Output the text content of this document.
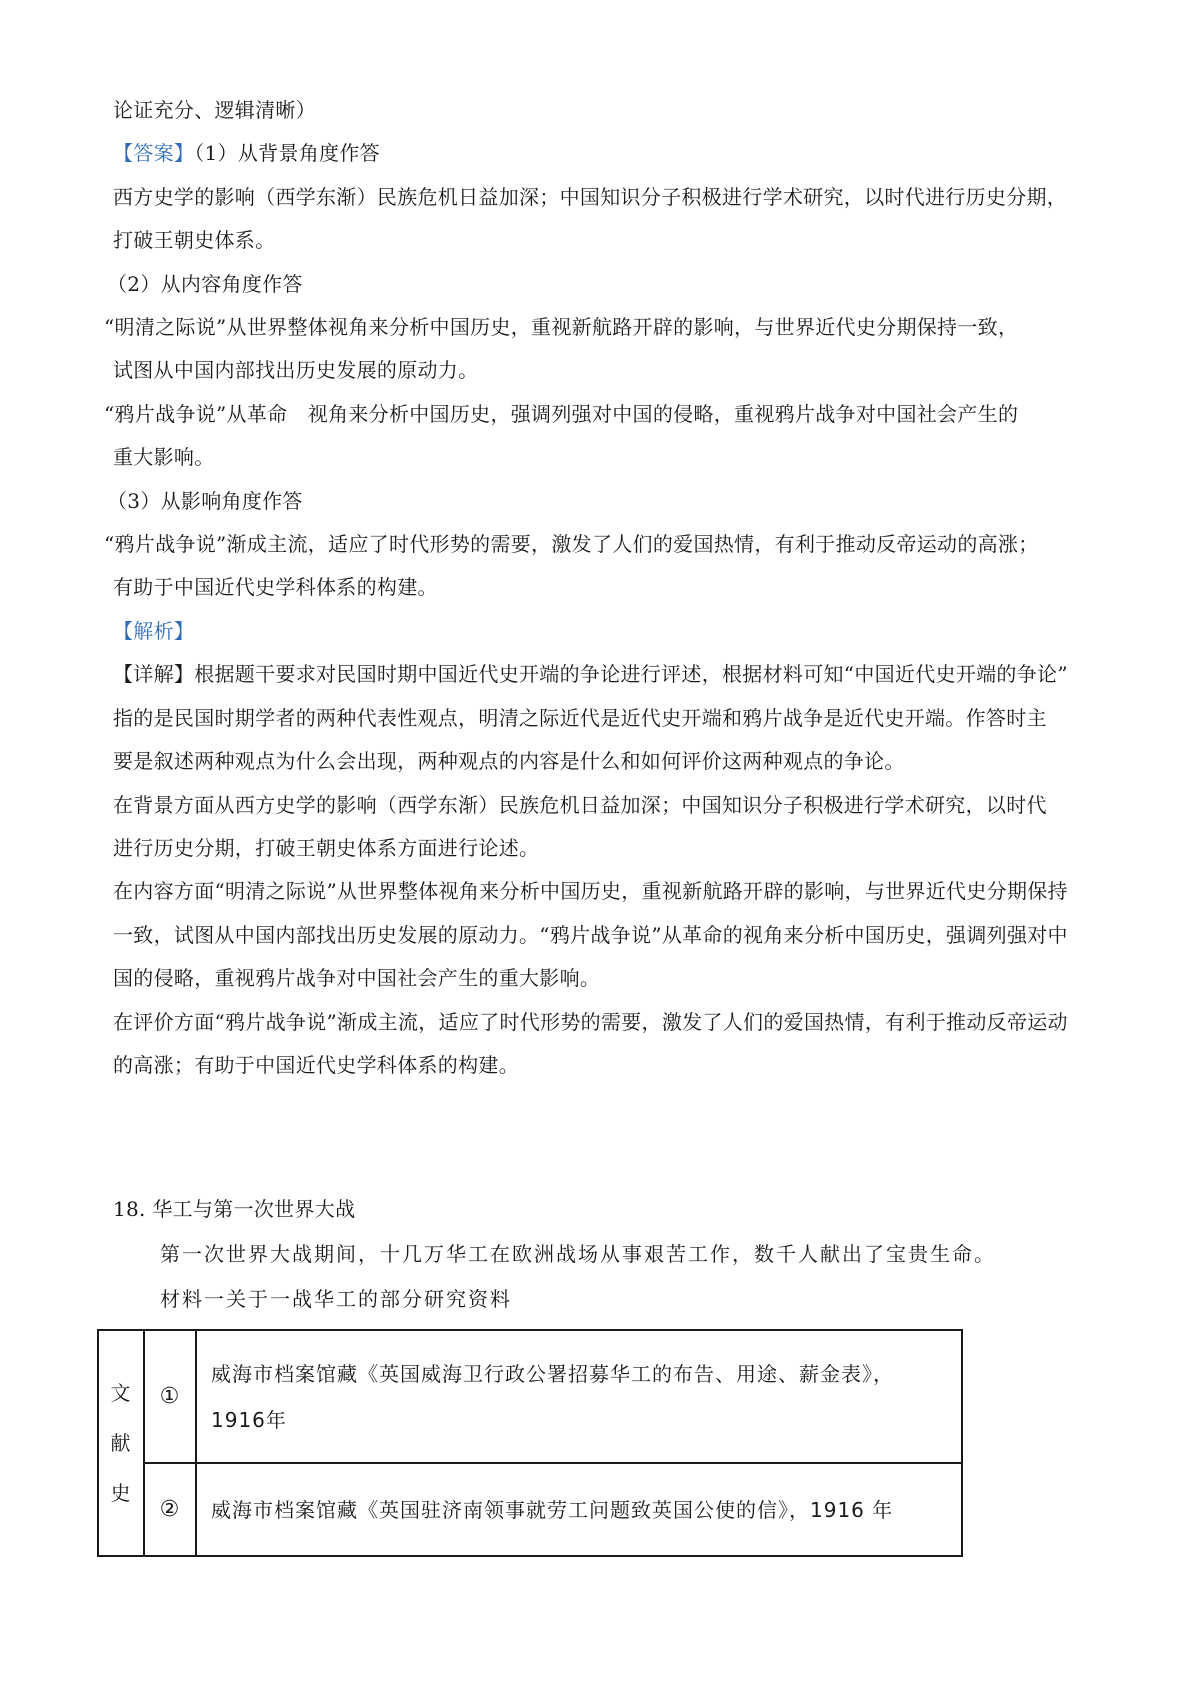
论证充分、逻辑清晰）
【答案】（1）从背景角度作答
西方史学的影响（西学东渐）民族危机日益加深；中国知识分子积极进行学术研究，以时代进行历史分期，
打破王朝史体系。
（2）从内容角度作答
“明清之际说”从世界整体视角来分析中国历史，重视新航路开辟的影响，与世界近代史分期保持一致，
试图从中国内部找出历史发展的原动力。
“鸦片战争说”从革命　视角来分析中国历史，强调列强对中国的侵略，重视鸦片战争对中国社会产生的
重大影响。
（3）从影响角度作答
“鸦片战争说”渐成主流，适应了时代形势的需要，激发了人们的爱国热情，有利于推动反帝运动的高涨；
有助于中国近代史学科体系的构建。
【解析】
【详解】根据题干要求对民国时期中国近代史开端的争论进行评述，根据材料可知“中国近代史开端的争论”
指的是民国时期学者的两种代表性观点，明清之际近代是近代史开端和鸦片战争是近代史开端。作答时主
要是叙述两种观点为什么会出现，两种观点的内容是什么和如何评价这两种观点的争论。
在背景方面从西方史学的影响（西学东渐）民族危机日益加深；中国知识分子积极进行学术研究，以时代
进行历史分期，打破王朝史体系方面进行论述。
在内容方面“明清之际说”从世界整体视角来分析中国历史，重视新航路开辟的影响，与世界近代史分期保持
一致，试图从中国内部找出历史发展的原动力。“鸦片战争说”从革命的视角来分析中国历史，强调列强对中
国的侵略，重视鸦片战争对中国社会产生的重大影响。
在评价方面“鸦片战争说”渐成主流，适应了时代形势的需要，激发了人们的爱国热情，有利于推动反帝运动
的高涨；有助于中国近代史学科体系的构建。
18. 华工与第一次世界大战
第一次世界大战期间，十几万华工在欧洲战场从事艰苦工作，数千人献出了宝贵生命。
材料一关于一战华工的部分研究资料
文献史	①	威海市档案馆藏《英国威海卫行政公署招募华工的布告、用途、薪金表》，1916年
	②	威海市档案馆藏《英国驻济南领事就劳工问题致英国公使的信》，1916 年
